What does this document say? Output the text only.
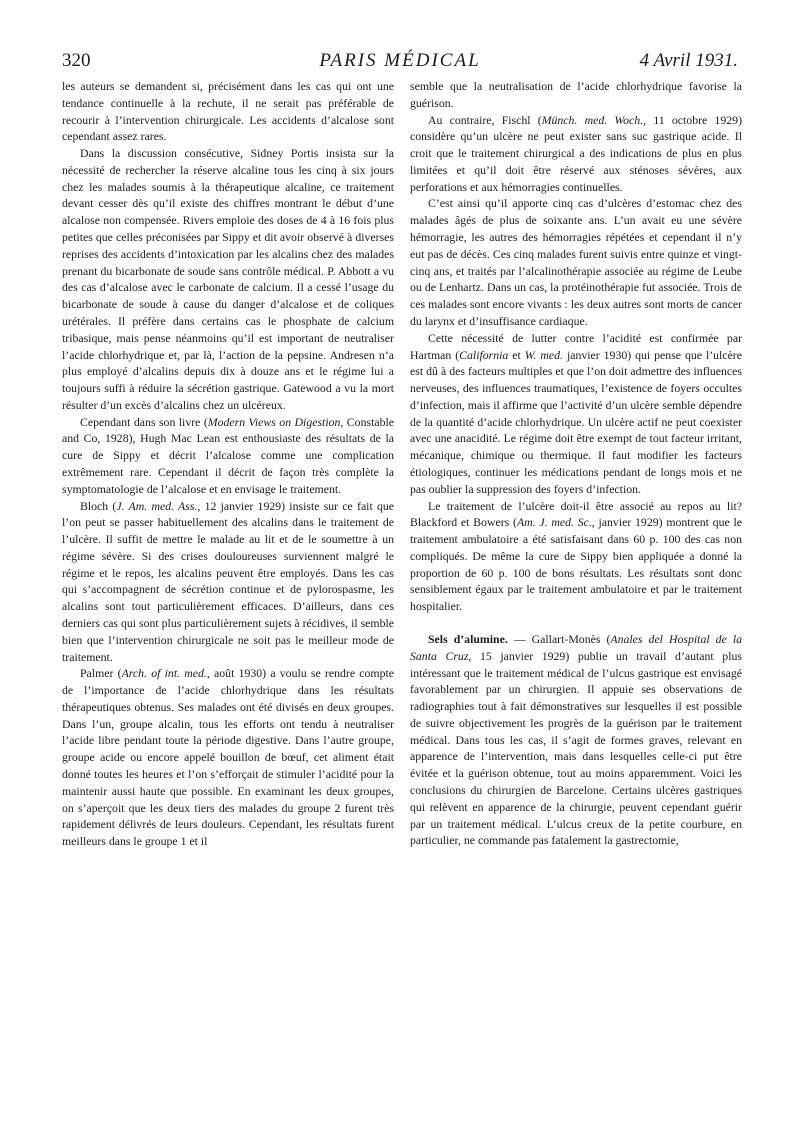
PARIS MÉDICAL
320	4 Avril 1931.

les auteurs se demandent si, précisément dans les cas qui ont une tendance continuelle à la rechute, il ne serait pas préférable de recourir à l’intervention chirurgicale. Les accidents d’alcalose sont cependant assez rares.

Dans la discussion consécutive, Sidney Portis insista sur la nécessité de rechercher la réserve alcaline tous les cinq à six jours chez les malades soumis à la thérapeutique alcaline, ce traitement devant cesser dès qu’il existe des chiffres montrant le début d’une alcalose non compensée. Rivers emploie des doses de 4 à 16 fois plus petites que celles préconisées par Sippy et dit avoir observé à diverses reprises des accidents d’intoxication par les alcalins chez des malades prenant du bicarbonate de soude sans contrôle médical. P. Abbott a vu des cas d’alcalose avec le carbonate de calcium. Il a cessé l’usage du bicarbonate de soude à cause du danger d’alcalose et de coliques urétérales. Il préfère dans certains cas le phosphate de calcium tribasique, mais pense néanmoins qu’il est important de neutraliser l’acide chlorhydrique et, par là, l’action de la pepsine. Andresen n’a plus employé d’alcalins depuis dix à douze ans et le régime lui a toujours suffi à réduire la sécrétion gastrique. Gatewood a vu la mort résulter d’un excès d’alcalins chez un ulcéreux.

Cependant dans son livre (Modern Views on Digestion, Constable and Co, 1928), Hugh Mac Lean est enthousiaste des résultats de la cure de Sippy et décrit l’alcalose comme une complication extrêmement rare. Cependant il décrit de façon très complète la symptomatologie de l’alcalose et en envisage le traitement.

Bloch (J. Am. med. Ass., 12 janvier 1929) insiste sur ce fait que l’on peut se passer habituellement des alcalins dans le traitement de l’ulcère. Il suffit de mettre le malade au lit et de le soumettre à un régime sévère. Si des crises douloureuses surviennent malgré le régime et le repos, les alcalins peuvent être employés. Dans les cas qui s’accompagnent de sécrétion continue et de pylorospasme, les alcalins sont tout particulièrement efficaces. D’ailleurs, dans ces derniers cas qui sont plus particulièrement sujets à récidives, il semble bien que l’intervention chirurgicale ne soit pas le meilleur mode de traitement.

Palmer (Arch. of int. med., août 1930) a voulu se rendre compte de l’importance de l’acide chlorhydrique dans les résultats thérapeutiques obtenus. Ses malades ont été divisés en deux groupes. Dans l’un, groupe alcalin, tous les efforts ont tendu à neutraliser l’acide libre pendant toute la période digestive. Dans l’autre groupe, groupe acide ou encore appelé bouillon de bœuf, cet aliment était donné toutes les heures et l’on s’efforçait de stimuler l’acidité pour la maintenir aussi haute que possible. En examinant les deux groupes, on s’aperçoit que les deux tiers des malades du groupe 2 furent très rapidement délivrés de leurs douleurs. Cependant, les résultats furent meilleurs dans le groupe 1 et il

semble que la neutralisation de l’acide chlorhydrique favorise la guérison.

Au contraire, Fischl (Münch. med. Woch., 11 octobre 1929) considère qu’un ulcère ne peut exister sans suc gastrique acide. Il croit que le traitement chirurgical a des indications de plus en plus limitées et qu’il doit être réservé aux sténoses sévères, aux perforations et aux hémorragies continuelles.

C’est ainsi qu’il apporte cinq cas d’ulcères d’estomac chez des malades âgés de plus de soixante ans. L’un avait eu une sévère hémorragie, les autres des hémorragies répétées et cependant il n’y eut pas de décès. Ces cinq malades furent suivis entre quinze et vingt-cinq ans, et traités par l’alcalinothérapie associée au régime de Leube ou de Lenhartz. Dans un cas, la protéinothérapie fut associée. Trois de ces malades sont encore vivants : les deux autres sont morts de cancer du larynx et d’insuffisance cardiaque.

Cette nécessité de lutter contre l’acidité est confirmée par Hartman (California et W. med. janvier 1930) qui pense que l’ulcère est dû à des facteurs multiples et que l’on doit admettre des influences nerveuses, des influences traumatiques, l’existence de foyers occultes d’infection, mais il affirme que l’activité d’un ulcère semble dépendre de la quantité d’acide chlorhydrique. Un ulcère actif ne peut coexister avec une anacidité. Le régime doit être exempt de tout facteur irritant, mécanique, chimique ou thermique. Il faut modifier les facteurs étiologiques, continuer les médications pendant de longs mois et ne pas oublier la suppression des foyers d’infection.

Le traitement de l’ulcère doit-il être associé au repos au lit? Blackford et Bowers (Am. J. med. Sc., janvier 1929) montrent que le traitement ambulatoire a été satisfaisant dans 60 p. 100 des cas non compliqués. De même la cure de Sippy bien appliquée a donné la proportion de 60 p. 100 de bons résultats. Les résultats sont donc sensiblement égaux par le traitement ambulatoire et par le traitement hospitalier.

Sels d’alumine. — Gallart-Monès (Anales del Hospital de la Santa Cruz, 15 janvier 1929) publie un travail d’autant plus intéressant que le traitement médical de l’ulcus gastrique est envisagé favorablement par un chirurgien. Il appuie ses observations de radiographies tout à fait démonstratives sur lesquelles il est possible de suivre objectivement les progrès de la guérison par le traitement médical. Dans tous les cas, il s’agit de formes graves, relevant en apparence de l’intervention, mais dans lesquelles celle-ci put être évitée et la guérison obtenue, tout au moins apparemment. Voici les conclusions du chirurgien de Barcelone. Certains ulcères gastriques qui relèvent en apparence de la chirurgie, peuvent cependant guérir par un traitement médical. L’ulcus creux de la petite courbure, en particulier, ne commande pas fatalement la gastrectomie,
